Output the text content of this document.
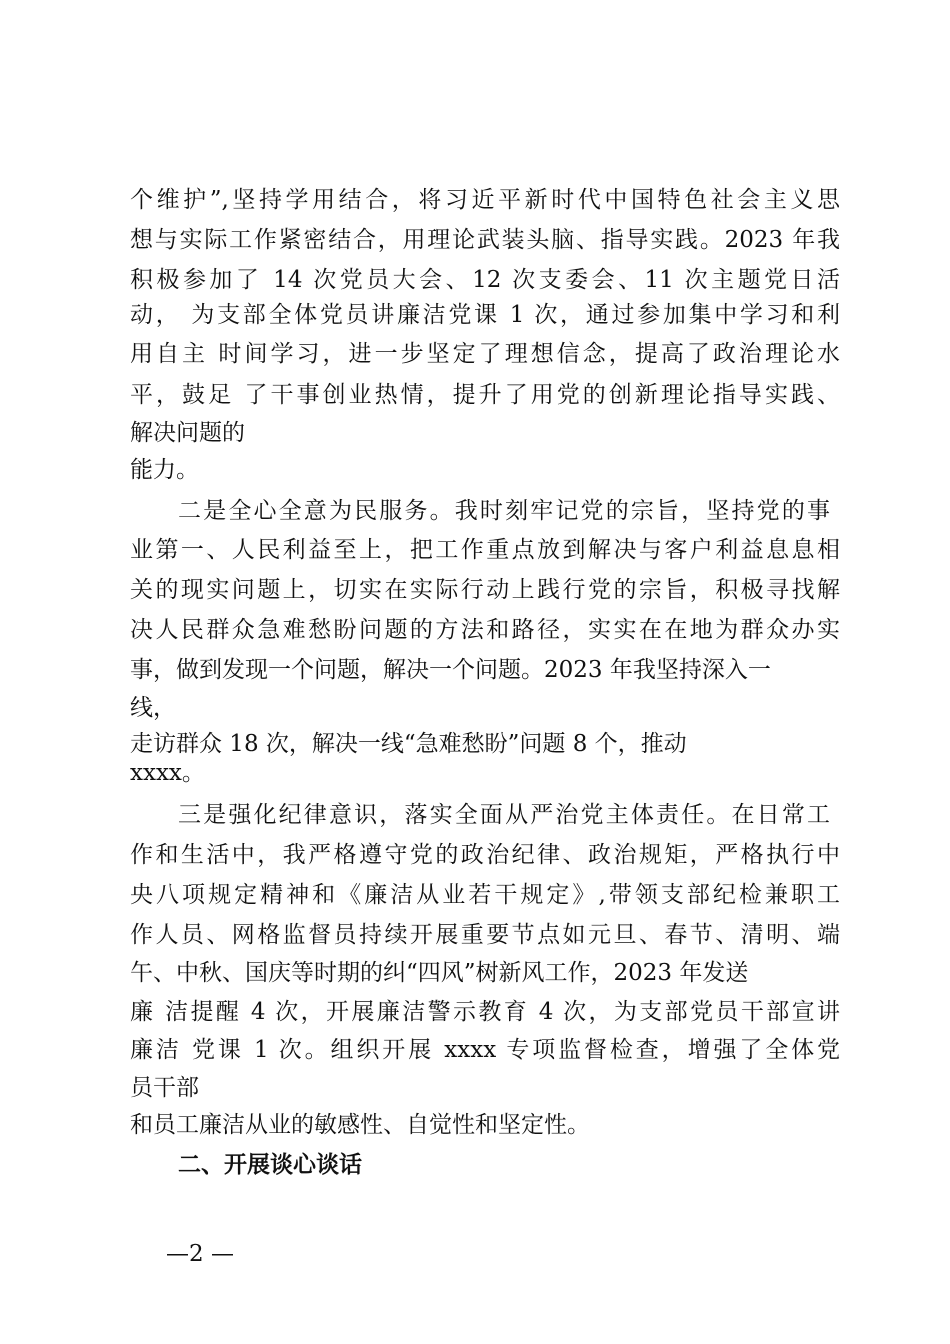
个维护”,坚持学用结合，将习近平新时代中国特色社会主义思
想与实际工作紧密结合，用理论武装头脑、指导实践。2023 年我
积极参加了 14 次党员大会、12 次支委会、11 次主题党日活
动， 为支部全体党员讲廉洁党课 1 次，通过参加集中学习和利
用自主 时间学习，进一步坚定了理想信念，提高了政治理论水
平，鼓足 了干事创业热情，提升了用党的创新理论指导实践、
解决问题的
能力。
二是全心全意为民服务。我时刻牢记党的宗旨，坚持党的事
业第一、人民利益至上，把工作重点放到解决与客户利益息息相
关的现实问题上，切实在实际行动上践行党的宗旨，积极寻找解
决人民群众急难愁盼问题的方法和路径，实实在在地为群众办实
事，做到发现一个问题，解决一个问题。2023 年我坚持深入一
线，
走访群众 18 次，解决一线“急难愁盼”问题 8 个，推动
xxxx。
三是强化纪律意识，落实全面从严治党主体责任。在日常工
作和生活中，我严格遵守党的政治纪律、政治规矩，严格执行中
央八项规定精神和《廉洁从业若干规定》,带领支部纪检兼职工
作人员、网格监督员持续开展重要节点如元旦、春节、清明、端
午、中秋、国庆等时期的纠“四风”树新风工作，2023 年发送
廉 洁提醒 4 次，开展廉洁警示教育 4 次，为支部党员干部宣讲
廉洁 党课 1 次。组织开展 xxxx 专项监督检查，增强了全体党
员干部
和员工廉洁从业的敏感性、自觉性和坚定性。
二、开展谈心谈话
—2 —
